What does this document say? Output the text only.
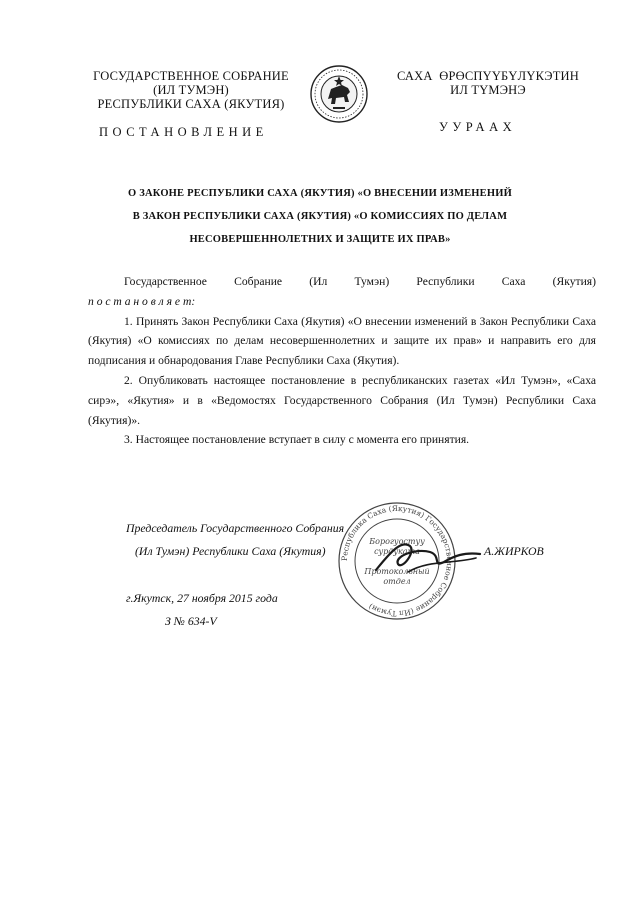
ГОСУДАРСТВЕННОЕ СОБРАНИЕ
(ИЛ ТУМЭН)
РЕСПУБЛИКИ САХА (ЯКУТИЯ)
САХА  ӨРӨСПYYБYЛYКЭТИН
ИЛ ТYМЭНЭ
ПОСТАНОВЛЕНИЕ	УУРААХ
О ЗАКОНЕ РЕСПУБЛИКИ САХА (ЯКУТИЯ) «О ВНЕСЕНИИ ИЗМЕНЕНИЙ
В ЗАКОН РЕСПУБЛИКИ САХА (ЯКУТИЯ) «О КОМИССИЯХ ПО ДЕЛАМ
НЕСОВЕРШЕННОЛЕТНИХ И ЗАЩИТЕ ИХ ПРАВ»
Государственное Собрание (Ил Тумэн) Республики Саха (Якутия)
п о с т а н о в л я е т:

1. Принять Закон Республики Саха (Якутия) «О внесении изменений в Закон Республики Саха (Якутия) «О комиссиях по делам несовершеннолетних и защите их прав» и направить его для подписания и обнародования Главе Республики Саха (Якутия).

2. Опубликовать настоящее постановление в республиканских газетах «Ил Тумэн», «Саха сирэ», «Якутия» и в «Ведомостях Государственного Собрания (Ил Тумэн) Республики Саха (Якутия)».

3. Настоящее постановление вступает в силу с момента его принятия.

Председатель Государственного Собрания
(Ил Тумэн) Республики Саха (Якутия)	А.ЖИРКОВ
г.Якутск, 27 ноября 2015 года
З № 634-V
Республика Саха (Якутия) Государственное Собрание (Ил Тумэн)
Борогуостуу
сурдуката
Протокольный
отдел
